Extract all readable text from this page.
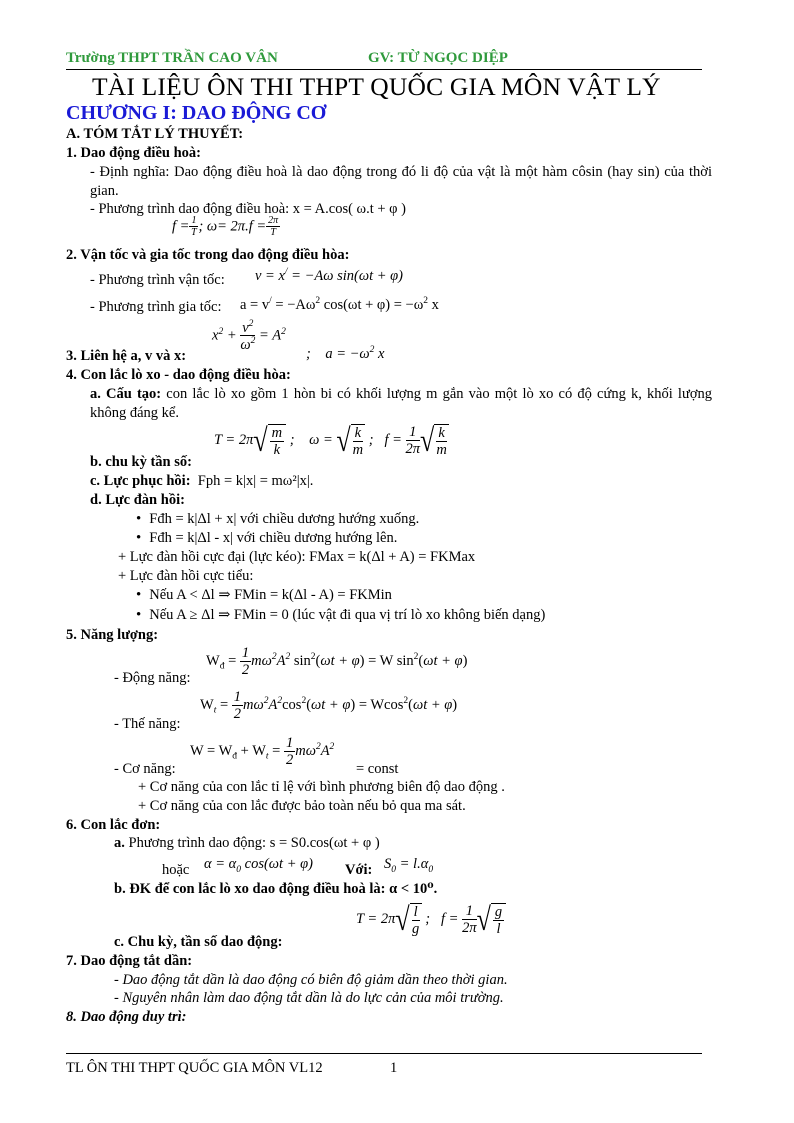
Trường THPT TRẦN CAO VÂN	GV: TỪ NGỌC DIỆP
TÀI LIỆU ÔN THI THPT QUỐC GIA MÔN VẬT LÝ
CHƯƠNG I: DAO ĐỘNG CƠ
A. TÓM TẮT LÝ THUYẾT:
1. Dao động điều hoà:
- Định nghĩa: Dao động điều hoà là dao động trong đó li độ của vật là một hàm côsin (hay sin) của thời gian.
- Phương trình dao động điều hoà: x = A.cos( ω.t + φ )
$f = \frac{1}{T}$ ; $\omega= 2\pi.f = \frac{2\pi}{T}$
2. Vận tốc và gia tốc trong dao động điều hòa:
- Phương trình vận tốc: v = x/ = −Aω sin(ωt + φ)
- Phương trình gia tốc: $a = v^/ = -A\omega^2$ $\cos(\omega t + \varphi) = -\omega^2$ x
$x^2 + \frac{v^2}{\omega^2} = A^2$
3. Liên hệ a, v và x:	;    $a = -\omega^2$ x
4. Con lắc lò xo - dao động điều hòa:
a. Cấu tạo: con lắc lò xo gồm 1 hòn bi có khối lượng m gắn vào một lò xo có độ cứng k, khối lượng không đáng kể.
$T = 2\pi√ \frac{m}{k}$ ;    ω = √ $\frac{k}{m}$ ;   $f = \frac{1}{2\pi}$ √ $\frac{k}{m}$
b. chu kỳ tần số:
c. Lực phục hồi: Fph = k|x| = mω²|x|.
d. Lực đàn hồi:
• Fđh = k|Δl + x| với chiều dương hướng xuống.
• Fđh = k|Δl - x| với chiều dương hướng lên.
+ Lực đàn hồi cực đại (lực kéo): FMax = k(Δl + A) = FKMax
+ Lực đàn hồi cực tiểu:
• Nếu A < Δl ⇒ FMin = k(Δl - A) = FKMin
• Nếu A ≥ Δl ⇒ FMin = 0 (lúc vật đi qua vị trí lò xo không biến dạng)
5. Năng lượng:
$W_đ = \frac{1}{2} m\omega^2A^2$ $\sin^2(\omega t + \varphi) = W$ $\sin^2(\omega t + \varphi)$
- Động năng:
$W_t = \frac{1}{2} m\omega^2A^2\cos^2(\omega t + \varphi) = Wcos^2(\omega t + \varphi)$
- Thế năng:
$W = W_đ + W_t = \frac{1}{2} m\omega^2A^2$
- Cơ năng:	= const
+ Cơ năng của con lắc tỉ lệ với bình phương biên độ dao động .
+ Cơ năng của con lắc được bảo toàn nếu bỏ qua ma sát.
6. Con lắc đơn:
a. Phương trình dao động: s = S0.cos(ωt + φ )
hoặc $\alpha = \alpha_0$ cos(ωt + φ) Với: $S_0 = l.\alpha_0$
b. ĐK để con lắc lò xo dao động điều hoà là: α < 10⁰.
$T = 2\pi√ \frac{l}{g}$ ;   $f = \frac{1}{2\pi}$ √ $\frac{g}{l}$
c. Chu kỳ, tần số dao động:
7. Dao động tắt dần:
- Dao động tắt dần là dao động có biên độ giảm dần theo thời gian.
- Nguyên nhân làm dao động tắt dần là do lực cản của môi trường.
8. Dao động duy trì:
TL ÔN THI THPT QUỐC GIA MÔN VL12	1
